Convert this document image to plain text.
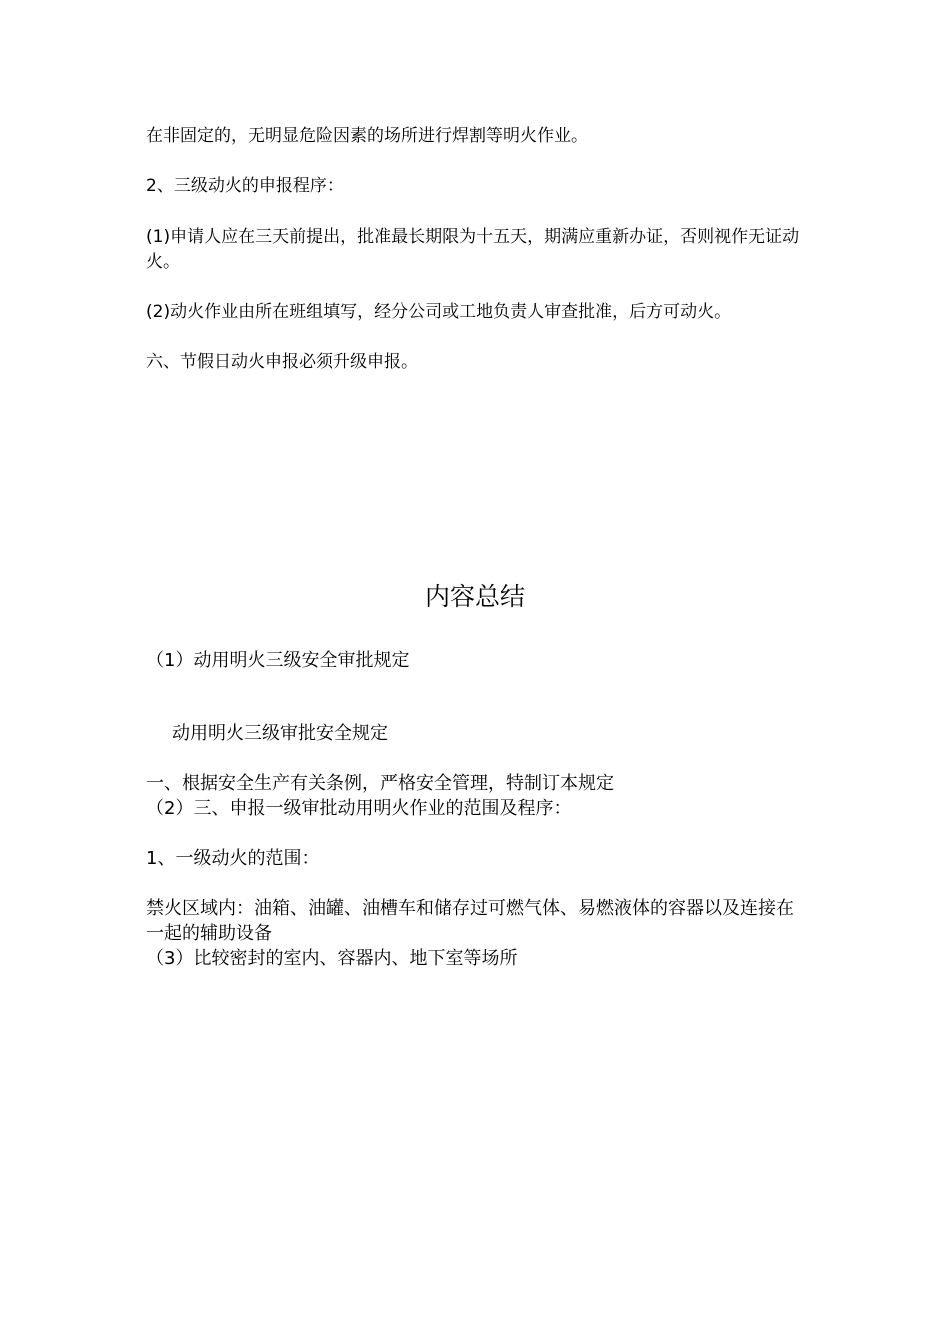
在非固定的，无明显危险因素的场所进行焊割等明火作业。
2、三级动火的申报程序：
(1)申请人应在三天前提出，批准最长期限为十五天，期满应重新办证，否则视作无证动火。
(2)动火作业由所在班组填写，经分公司或工地负责人审查批准，后方可动火。
六、节假日动火申报必须升级申报。
内容总结
（1）动用明火三级安全审批规定
动用明火三级审批安全规定
一、根据安全生产有关条例，严格安全管理，特制订本规定
（2）三、申报一级审批动用明火作业的范围及程序：
1、一级动火的范围：
禁火区域内：油箱、油罐、油槽车和储存过可燃气体、易燃液体的容器以及连接在一起的辅助设备
（3）比较密封的室内、容器内、地下室等场所
